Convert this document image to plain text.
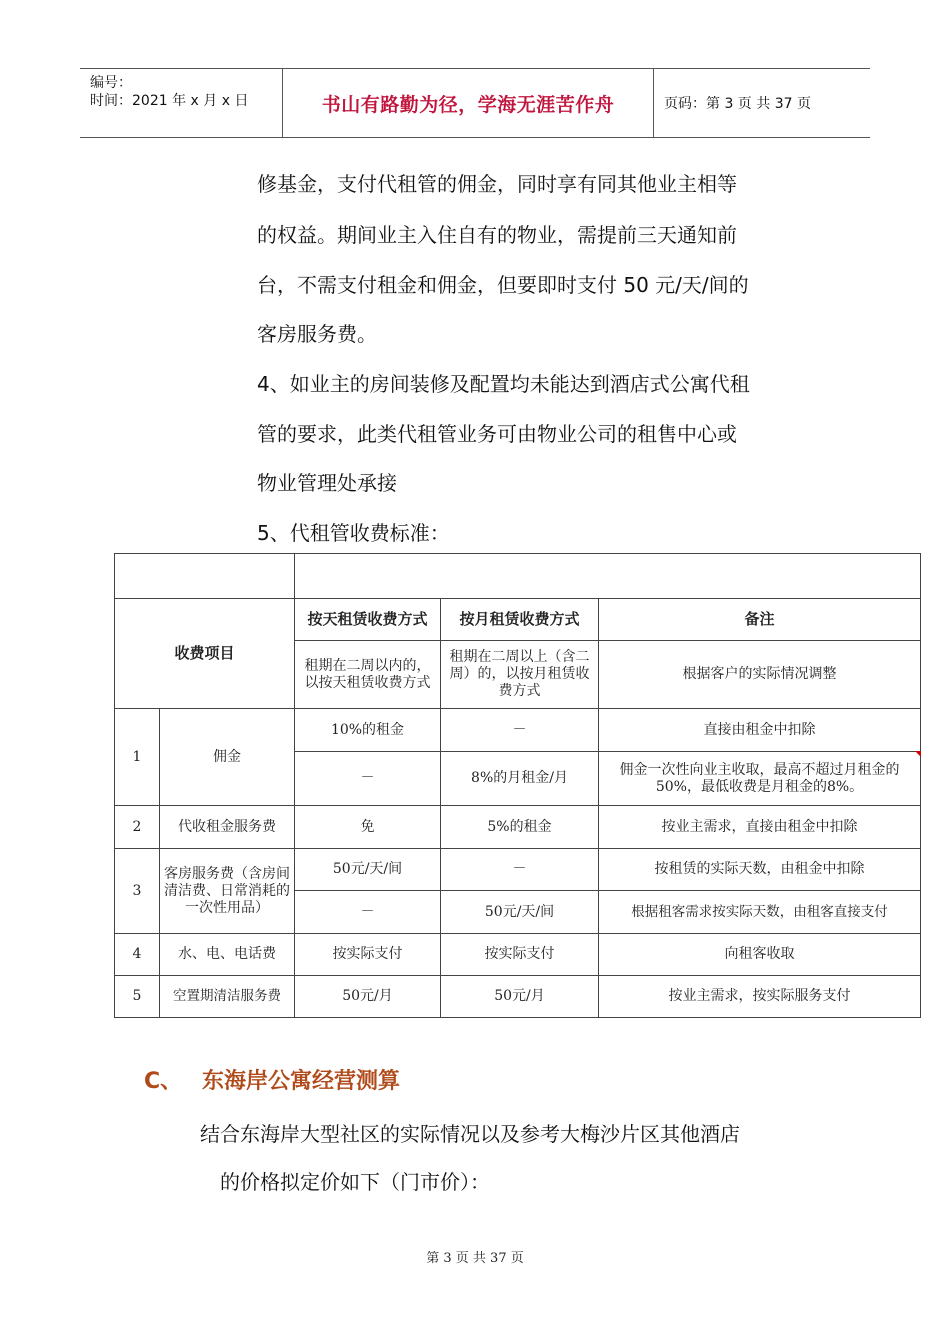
编号：
时间：2021 年 x 月 x 日	书山有路勤为径，学海无涯苦作舟	页码：第 3 页 共 37 页
修基金，支付代租管的佣金，同时享有同其他业主相等
的权益。期间业主入住自有的物业，需提前三天通知前
台，不需支付租金和佣金，但要即时支付 50 元/天/间的
客房服务费。
4、如业主的房间装修及配置均未能达到酒店式公寓代租
管的要求，此类代租管业务可由物业公司的租售中心或
物业管理处承接
5、代租管收费标准：

收费项目		按天租赁收费方式	按月租赁收费方式	备注
		租期在二周以内的，以按天租赁收费方式	租期在二周以上（含二周）的，以按月租赁收费方式	根据客户的实际情况调整
1	佣金	10%的租金	－	直接由租金中扣除
		－	8%的月租金/月	佣金一次性向业主收取，最高不超过月租金的50%，最低收费是月租金的8%。

2	代收租金服务费	免	5%的租金	按业主需求，直接由租金中扣除
3	客房服务费（含房间清洁费、日常消耗的一次性用品）	50元/天/间	－	按租赁的实际天数，由租金中扣除
		－	50元/天/间	根据租客需求按实际天数，由租客直接支付
4	水、电、电话费	按实际支付	按实际支付	向租客收取
5	空置期清洁服务费	50元/月	50元/月	按业主需求，按实际服务支付
C、 东海岸公寓经营测算
结合东海岸大型社区的实际情况以及参考大梅沙片区其他酒店
的价格拟定价如下（门市价）：
第 3 页 共 37 页
